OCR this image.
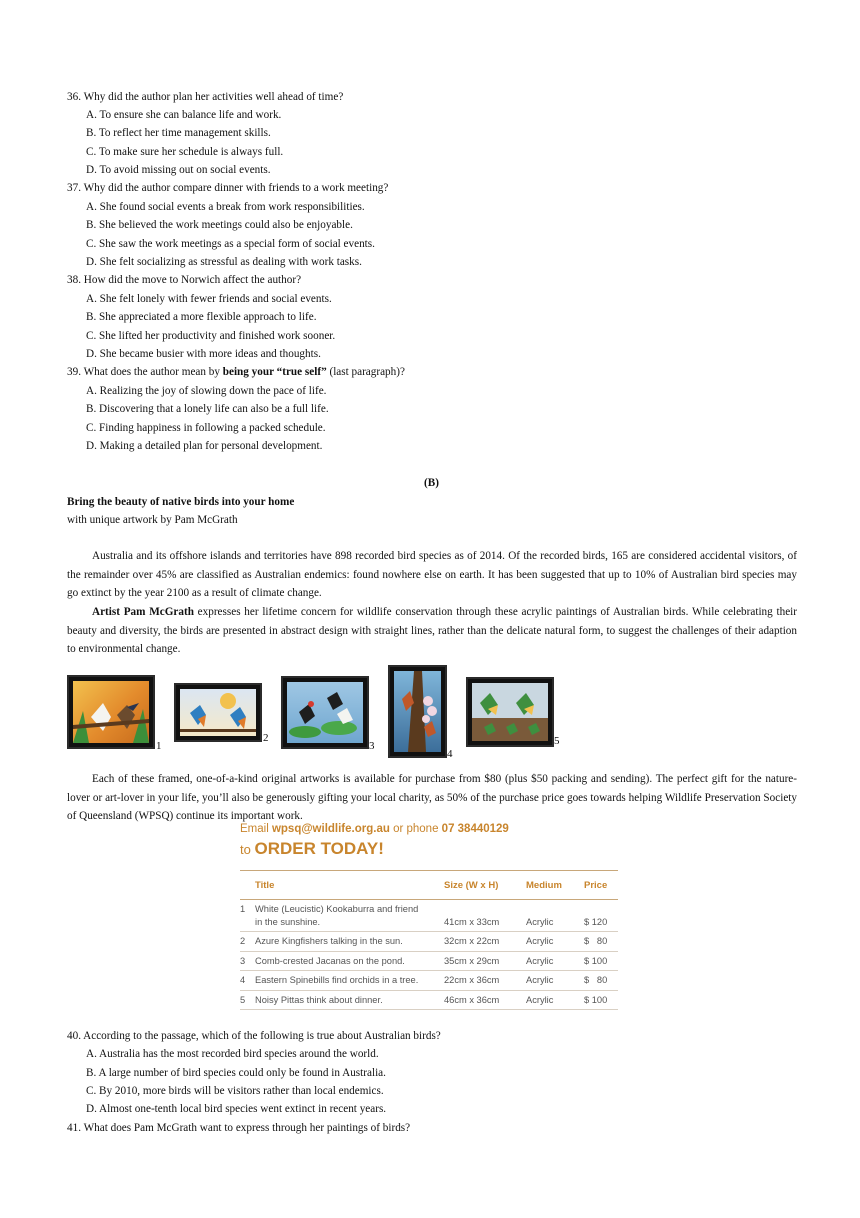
36. Why did the author plan her activities well ahead of time?
A. To ensure she can balance life and work.
B. To reflect her time management skills.
C. To make sure her schedule is always full.
D. To avoid missing out on social events.
37. Why did the author compare dinner with friends to a work meeting?
A. She found social events a break from work responsibilities.
B. She believed the work meetings could also be enjoyable.
C. She saw the work meetings as a special form of social events.
D. She felt socializing as stressful as dealing with work tasks.
38. How did the move to Norwich affect the author?
A. She felt lonely with fewer friends and social events.
B. She appreciated a more flexible approach to life.
C. She lifted her productivity and finished work sooner.
D. She became busier with more ideas and thoughts.
39. What does the author mean by being your “true self” (last paragraph)?
A. Realizing the joy of slowing down the pace of life.
B. Discovering that a lonely life can also be a full life.
C. Finding happiness in following a packed schedule.
D. Making a detailed plan for personal development.
(B)
Bring the beauty of native birds into your home
with unique artwork by Pam McGrath
Australia and its offshore islands and territories have 898 recorded bird species as of 2014. Of the recorded birds, 165 are considered accidental visitors, of the remainder over 45% are classified as Australian endemics: found nowhere else on earth. It has been suggested that up to 10% of Australian bird species may go extinct by the year 2100 as a result of climate change.
Artist Pam McGrath expresses her lifetime concern for wildlife conservation through these acrylic paintings of Australian birds. While celebrating their beauty and diversity, the birds are presented in abstract design with straight lines, rather than the delicate natural form, to suggest the challenges of their adaption to environmental change.
1
2
3
4
5
Each of these framed, one-of-a-kind original artworks is available for purchase from $80 (plus $50 packing and sending). The perfect gift for the nature-lover or art-lover in your life, you’ll also be generously gifting your local charity, as 50% of the purchase price goes towards helping Wildlife Preservation Society of Queensland (WPSQ) continue its important work.
Email wpsq@wildlife.org.au or phone 07 38440129
to ORDER TODAY!
	Title	Size (W x H)	Medium	Price
1	White (Leucistic) Kookaburra and friend
in the sunshine.	41cm x 33cm	Acrylic	$ 120
2	Azure Kingfishers talking in the sun.	32cm x 22cm	Acrylic	$   80
3	Comb-crested Jacanas on the pond.	35cm x 29cm	Acrylic	$ 100
4	Eastern Spinebills find orchids in a tree.	22cm x 36cm	Acrylic	$   80
5	Noisy Pittas think about dinner.	46cm x 36cm	Acrylic	$ 100
40. According to the passage, which of the following is true about Australian birds?
A. Australia has the most recorded bird species around the world.
B. A large number of bird species could only be found in Australia.
C. By 2010, more birds will be visitors rather than local endemics.
D. Almost one-tenth local bird species went extinct in recent years.
41. What does Pam McGrath want to express through her paintings of birds?
